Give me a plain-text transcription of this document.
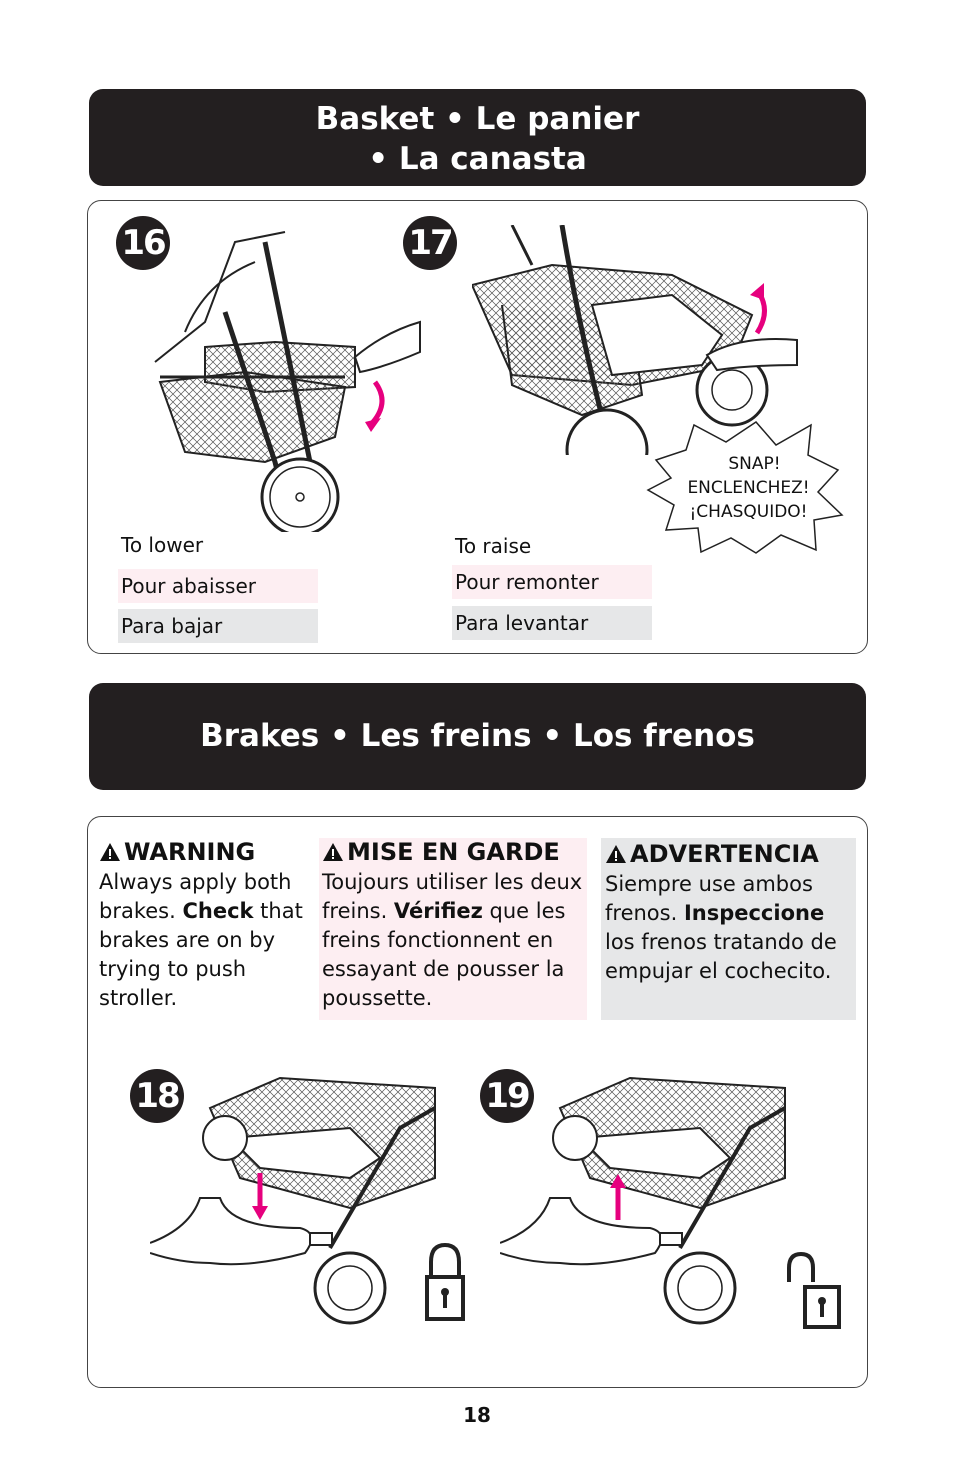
Basket • Le panier
• La canasta
16	17
SNAP!
ENCLENCHEZ!
¡CHASQUIDO!
To lower
Pour abaisser
Para bajar
To raise
Pour remonter
Para levantar
Brakes • Les freins • Los frenos
WARNING
Always apply both brakes. Check that brakes are on by trying to push stroller.
MISE EN GARDE
Toujours utiliser les deux freins. Vérifiez que les freins fonctionnent en essayant de pousser la poussette.
ADVERTENCIA
Siempre use ambos frenos. Inspeccione los frenos tratando de empujar el cochecito.
18	19
18
